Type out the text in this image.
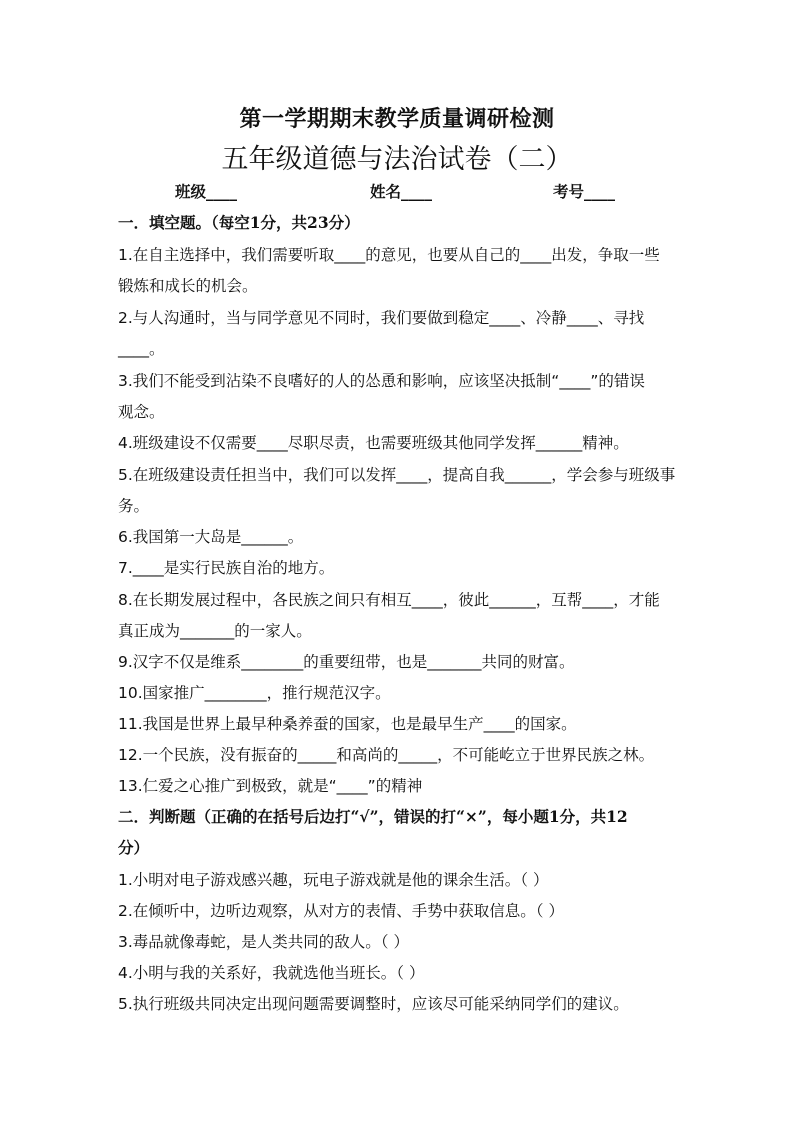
第一学期期末教学质量调研检测
五年级道德与法治试卷（二）
班级____	姓名____	考号____
一．填空题。（每空1分，共23分）
1.在自主选择中，我们需要听取____的意见，也要从自己的____出发，争取一些
锻炼和成长的机会。
2.与人沟通时，当与同学意见不同时，我们要做到稳定____、冷静____、寻找
____。
3.我们不能受到沾染不良嗜好的人的怂恿和影响，应该坚决抵制“____”的错误
观念。
4.班级建设不仅需要____尽职尽责，也需要班级其他同学发挥______精神。
5.在班级建设责任担当中，我们可以发挥____，提高自我______，学会参与班级事
务。
6.我国第一大岛是______。
7.____是实行民族自治的地方。
8.在长期发展过程中，各民族之间只有相互____，彼此______，互帮____，才能
真正成为_______的一家人。
9.汉字不仅是维系________的重要纽带，也是_______共同的财富。
10.国家推广________，推行规范汉字。
11.我国是世界上最早种桑养蚕的国家，也是最早生产____的国家。
12.一个民族，没有振奋的_____和高尚的_____，不可能屹立于世界民族之林。
13.仁爱之心推广到极致，就是“____”的精神
二．判断题（正确的在括号后边打“√”，错误的打“×”，每小题1分，共12
分）
1.小明对电子游戏感兴趣，玩电子游戏就是他的课余生活。（ ）
2.在倾听中，边听边观察，从对方的表情、手势中获取信息。（ ）
3.毒品就像毒蛇，是人类共同的敌人。（ ）
4.小明与我的关系好，我就选他当班长。（ ）
5.执行班级共同决定出现问题需要调整时，应该尽可能采纳同学们的建议。
